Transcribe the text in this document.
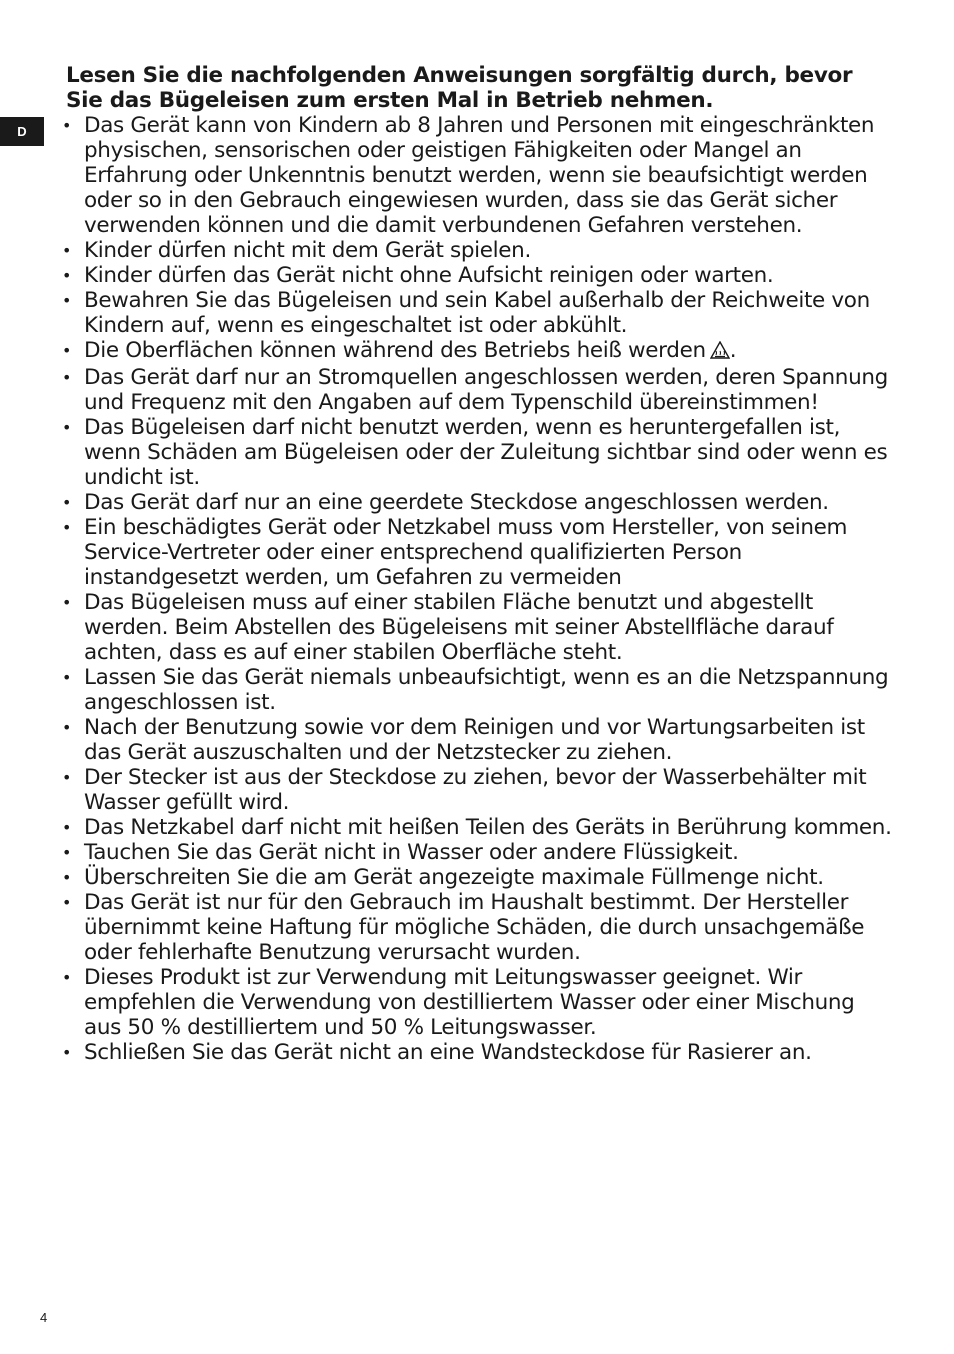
D

Lesen Sie die nachfolgenden Anweisungen sorgfältig durch, bevor Sie das Bügeleisen zum ersten Mal in Betrieb nehmen.

• Das Gerät kann von Kindern ab 8 Jahren und Personen mit eingeschränkten physischen, sensorischen oder geistigen Fähigkeiten oder Mangel an Erfahrung oder Unkenntnis benutzt werden, wenn sie beaufsichtigt werden oder so in den Gebrauch eingewiesen wurden, dass sie das Gerät sicher verwenden können und die damit verbundenen Gefahren verstehen.
• Kinder dürfen nicht mit dem Gerät spielen.
• Kinder dürfen das Gerät nicht ohne Aufsicht reinigen oder warten.
• Bewahren Sie das Bügeleisen und sein Kabel außerhalb der Reichweite von Kindern auf, wenn es eingeschaltet ist oder abkühlt.
• Die Oberflächen können während des Betriebs heiß werden .
• Das Gerät darf nur an Stromquellen angeschlossen werden, deren Spannung und Frequenz mit den Angaben auf dem Typenschild übereinstimmen!
• Das Bügeleisen darf nicht benutzt werden, wenn es heruntergefallen ist, wenn Schäden am Bügeleisen oder der Zuleitung sichtbar sind oder wenn es undicht ist.
• Das Gerät darf nur an eine geerdete Steckdose angeschlossen werden.
• Ein beschädigtes Gerät oder Netzkabel muss vom Hersteller, von seinem Service-Vertreter oder einer entsprechend qualifizierten Person instandgesetzt werden, um Gefahren zu vermeiden
• Das Bügeleisen muss auf einer stabilen Fläche benutzt und abgestellt werden. Beim Abstellen des Bügeleisens mit seiner Abstellfläche darauf achten, dass es auf einer stabilen Oberfläche steht.
• Lassen Sie das Gerät niemals unbeaufsichtigt, wenn es an die Netzspannung angeschlossen ist.
• Nach der Benutzung sowie vor dem Reinigen und vor Wartungsarbeiten ist das Gerät auszuschalten und der Netzstecker zu ziehen.
• Der Stecker ist aus der Steckdose zu ziehen, bevor der Wasserbehälter mit Wasser gefüllt wird.
• Das Netzkabel darf nicht mit heißen Teilen des Geräts in Berührung kommen.
• Tauchen Sie das Gerät nicht in Wasser oder andere Flüssigkeit.
• Überschreiten Sie die am Gerät angezeigte maximale Füllmenge nicht.
• Das Gerät ist nur für den Gebrauch im Haushalt bestimmt. Der Hersteller übernimmt keine Haftung für mögliche Schäden, die durch unsachgemäße oder fehlerhafte Benutzung verursacht wurden.
• Dieses Produkt ist zur Verwendung mit Leitungswasser geeignet. Wir empfehlen die Verwendung von destilliertem Wasser oder einer Mischung aus 50 % destilliertem und 50 % Leitungswasser.
• Schließen Sie das Gerät nicht an eine Wandsteckdose für Rasierer an.
4
